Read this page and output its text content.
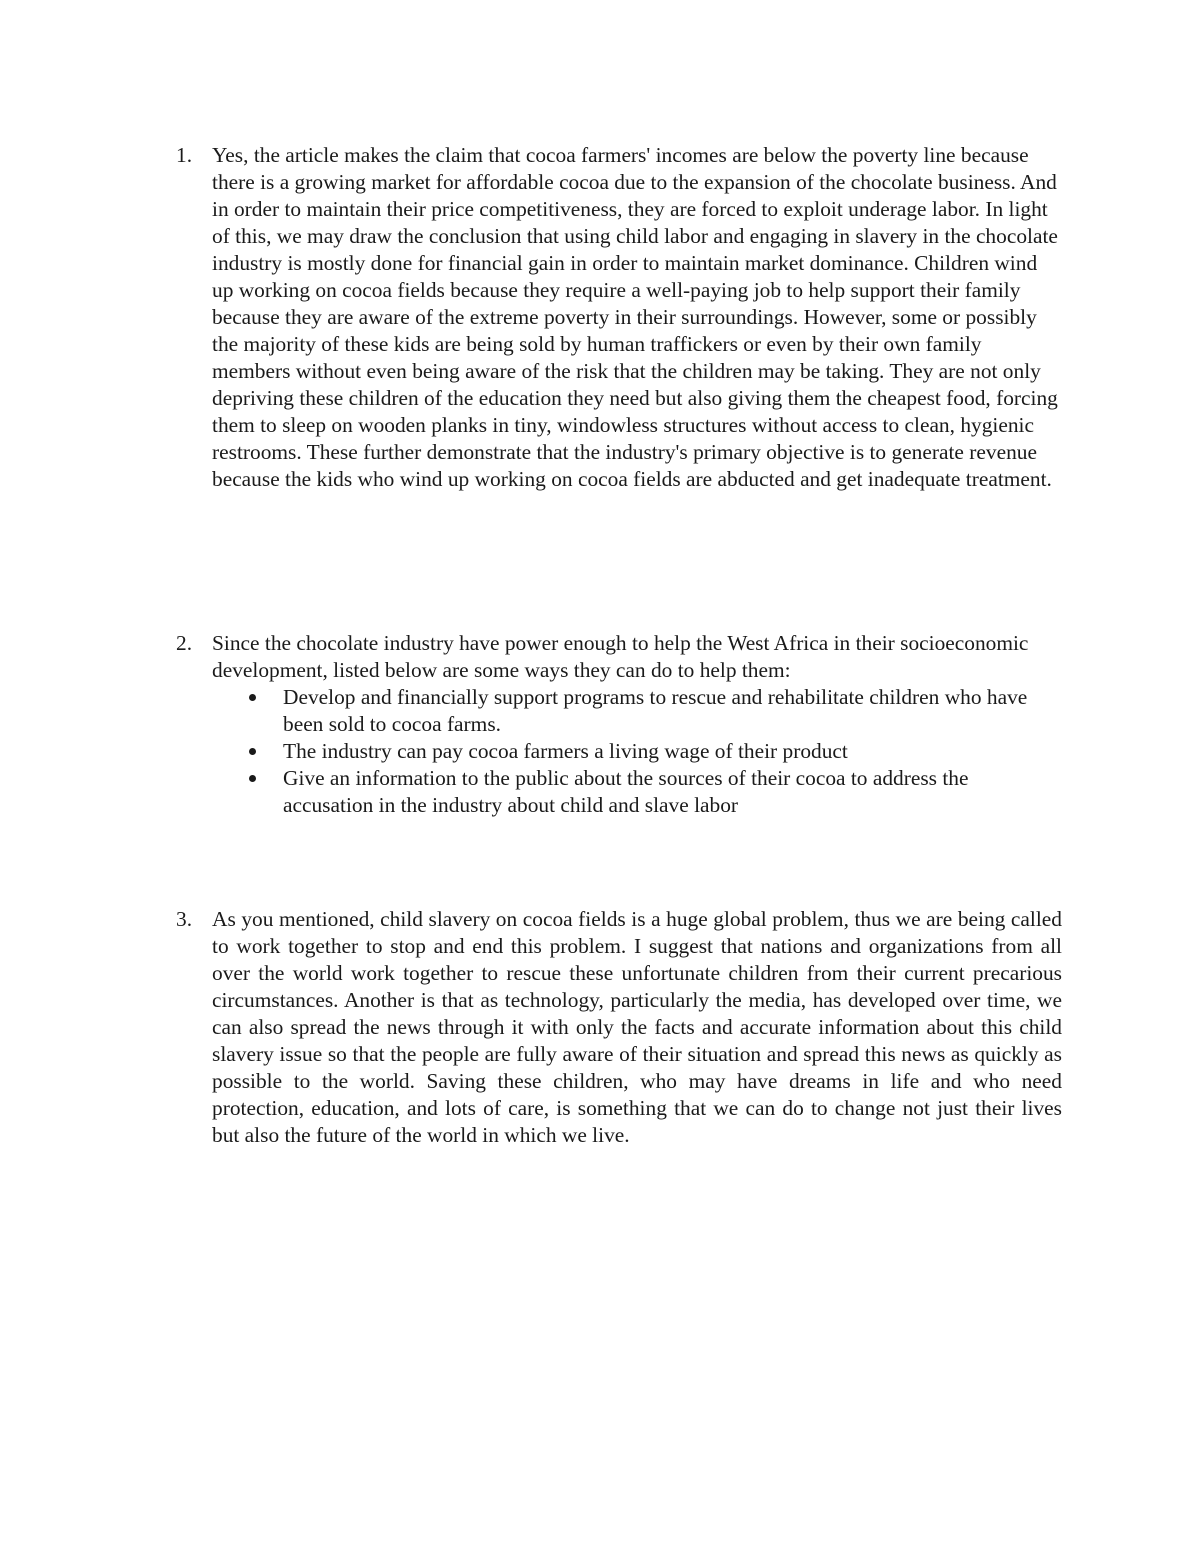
1. Yes, the article makes the claim that cocoa farmers' incomes are below the poverty line because there is a growing market for affordable cocoa due to the expansion of the chocolate business. And in order to maintain their price competitiveness, they are forced to exploit underage labor. In light of this, we may draw the conclusion that using child labor and engaging in slavery in the chocolate industry is mostly done for financial gain in order to maintain market dominance. Children wind up working on cocoa fields because they require a well-paying job to help support their family because they are aware of the extreme poverty in their surroundings. However, some or possibly the majority of these kids are being sold by human traffickers or even by their own family members without even being aware of the risk that the children may be taking. They are not only depriving these children of the education they need but also giving them the cheapest food, forcing them to sleep on wooden planks in tiny, windowless structures without access to clean, hygienic restrooms. These further demonstrate that the industry's primary objective is to generate revenue because the kids who wind up working on cocoa fields are abducted and get inadequate treatment.
2. Since the chocolate industry have power enough to help the West Africa in their socioeconomic development, listed below are some ways they can do to help them:
Develop and financially support programs to rescue and rehabilitate children who have been sold to cocoa farms.
The industry can pay cocoa farmers a living wage of their product
Give an information to the public about the sources of their cocoa to address the accusation in the industry about child and slave labor
3. As you mentioned, child slavery on cocoa fields is a huge global problem, thus we are being called to work together to stop and end this problem. I suggest that nations and organizations from all over the world work together to rescue these unfortunate children from their current precarious circumstances. Another is that as technology, particularly the media, has developed over time, we can also spread the news through it with only the facts and accurate information about this child slavery issue so that the people are fully aware of their situation and spread this news as quickly as possible to the world. Saving these children, who may have dreams in life and who need protection, education, and lots of care, is something that we can do to change not just their lives but also the future of the world in which we live.
